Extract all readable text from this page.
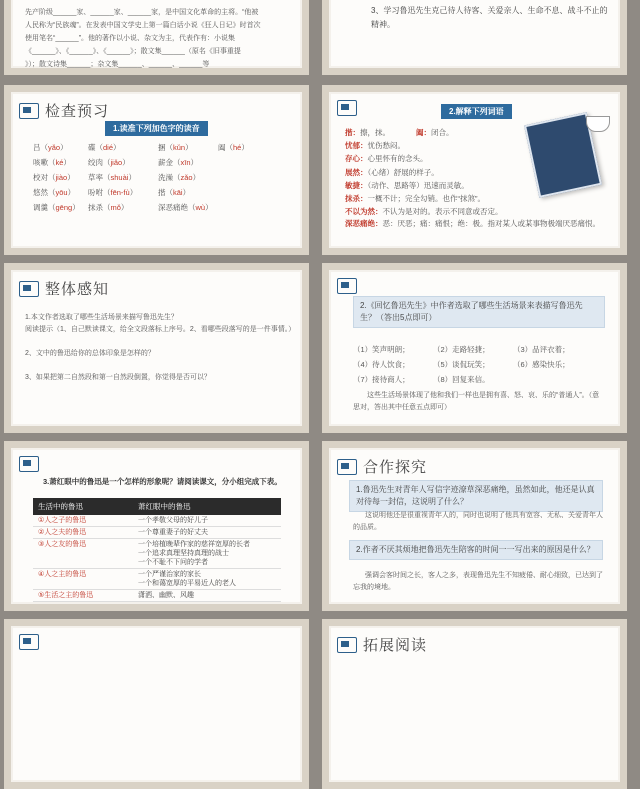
先产阶级______家、______家、______家，是中国文化革命的主将。“他被
人民称为“民族魂”。在发表中国文学史上第一篇白话小说《狂人日记》时首次
使用笔名“______”。他的著作以小说、杂文为主，代表作有：小说集
《______》、《______》、《______》；散文集______（原名《旧事重提
》）；散文诗集______；杂文集______、______、______等
3、学习鲁迅先生克己待人待客、关爱亲人、生命不息、战斗不止的精神。
检查预习
1.读准下列加色字的读音
吕（yǎo）	碟（dié）	捆（kǔn）	阖（hé）
咳嗽（ké）	绞肉（jiǎo）	薪金（xīn）	
校对（jiào）	草率（shuài）	洗澡（zǎo）	
悠然（yōu）	吩咐（fēn-fù）	揩（kāi）	
调羹（gēng）	抹杀（mǒ）	深恶痛绝（wù）	
2.解释下列词语
揩：擦，抹。	阖：闭合。
忧郁：忧伤愁闷。
存心：心里怀有的念头。
展然：（心绪）舒展的样子。
敏捷：（动作、思路等）迅速而灵敏。
抹杀：一概不计；完全勾销。也作“抹煞”。
不以为然：不认为是对的。表示不同意或否定。
深恶痛绝：恶：厌恶；痛：痛恨；绝：极。指对某人或某事物极端厌恶痛恨。
整体感知
1.本文作者选取了哪些生活场景来描写鲁迅先生？
阅读提示（1、自己默读课文，给全文段落标上序号。2、看哪些段落写的是一件事情。）
2、文中的鲁迅给你的总体印象是怎样的？
3、如果把第二自然段和第一自然段倒置，你觉得是否可以？
2.《回忆鲁迅先生》中作者选取了哪些生活场景来表描写鲁迅先生？（答出5点即可）
（1）笑声明朗；	（2）走路轻捷；	（3）品评衣着；
（4）待人饮食；	（5）谈侃玩笑；	（6）感染快乐；
（7）接待商人；	（8）回复来信。	
这些生活场景体现了他和我们一样也是拥有喜、怒、哀、乐的“普通人”。（意思对，答出其中任意五点即可）
3.萧红眼中的鲁迅是一个怎样的形象呢？请阅读课文，分小组完成下表。
生活中的鲁迅	萧红眼中的鲁迅
①人之子的鲁迅	一个孝敬父母的好儿子
②人之夫的鲁迅	一个尊重妻子的好丈夫
③人之友的鲁迅	一个培植晚辈作家的慈祥宽厚的长者
一个追求真理坚持真理的战士
一个不耻不下问的学者
④人之主的鲁迅	一个严谨治家的家长
一个和蔼宽厚的平易近人的老人
⑤生活之主的鲁迅	潇洒、幽默、风趣
合作探究
1.鲁迅先生对青年人写信字迹潦草深恶痛绝，虽然如此，他还是认真对待每一封信，这说明了什么？
这说明他还是很重视青年人的，同时也说明了他具有宽容、无私、关爱青年人的品质。
2.作者不厌其烦地把鲁迅先生陪客的时间一一写出来的原因是什么？
强调会客时间之长，客人之多，表现鲁迅先生不知疲倦、耐心细致，已达到了忘我的境地。
拓展阅读
